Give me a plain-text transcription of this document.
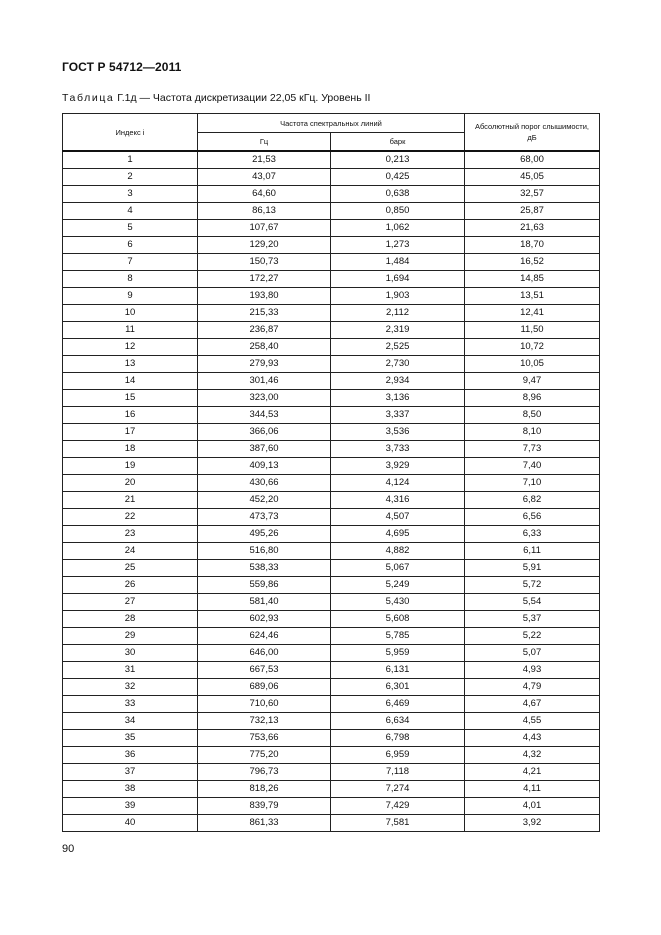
ГОСТ Р 54712—2011
Таблица Г.1д — Частота дискретизации 22,05 кГц. Уровень II
Индекс i	Частота спектральных линий		Абсолютный порог слышимости, дБ
	Гц	барк	
1	21,53	0,213	68,00
2	43,07	0,425	45,05
3	64,60	0,638	32,57
4	86,13	0,850	25,87
5	107,67	1,062	21,63
6	129,20	1,273	18,70
7	150,73	1,484	16,52
8	172,27	1,694	14,85
9	193,80	1,903	13,51
10	215,33	2,112	12,41
11	236,87	2,319	11,50
12	258,40	2,525	10,72
13	279,93	2,730	10,05
14	301,46	2,934	9,47
15	323,00	3,136	8,96
16	344,53	3,337	8,50
17	366,06	3,536	8,10
18	387,60	3,733	7,73
19	409,13	3,929	7,40
20	430,66	4,124	7,10
21	452,20	4,316	6,82
22	473,73	4,507	6,56
23	495,26	4,695	6,33
24	516,80	4,882	6,11
25	538,33	5,067	5,91
26	559,86	5,249	5,72
27	581,40	5,430	5,54
28	602,93	5,608	5,37
29	624,46	5,785	5,22
30	646,00	5,959	5,07
31	667,53	6,131	4,93
32	689,06	6,301	4,79
33	710,60	6,469	4,67
34	732,13	6,634	4,55
35	753,66	6,798	4,43
36	775,20	6,959	4,32
37	796,73	7,118	4,21
38	818,26	7,274	4,11
39	839,79	7,429	4,01
40	861,33	7,581	3,92
90
